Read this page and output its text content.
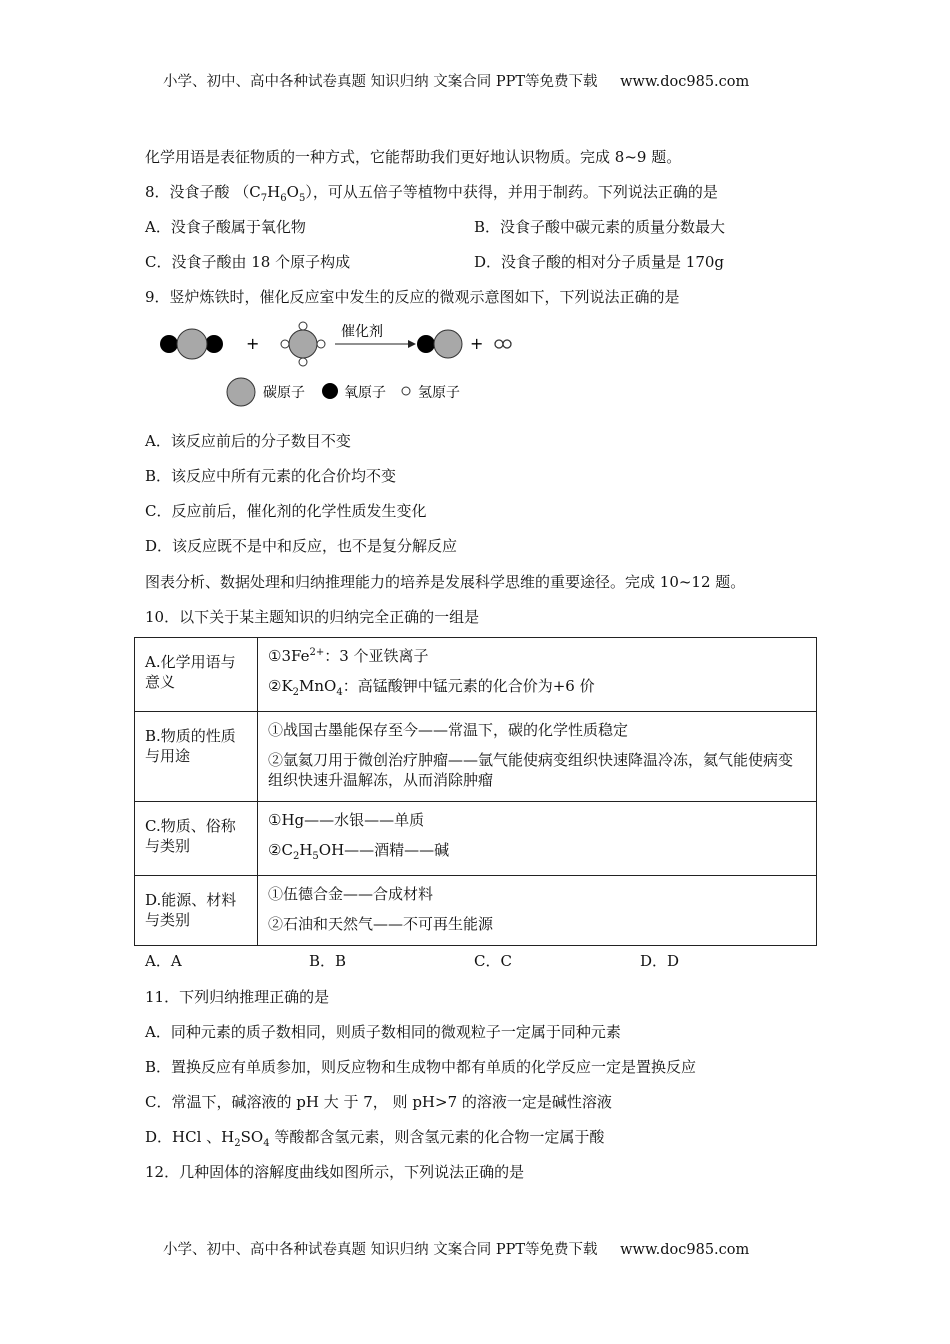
小学、初中、高中各种试卷真题 知识归纳 文案合同 PPT等免费下载 www.doc985.com
化学用语是表征物质的一种方式，它能帮助我们更好地认识物质。完成 8~9 题。
8．没食子酸 $(C_7H_6O_5)$，可从五倍子等植物中获得，并用于制药。下列说法正确的是
A．没食子酸属于氧化物	B．没食子酸中碳元素的质量分数最大
C．没食子酸由 18 个原子构成	D．没食子酸的相对分子质量是 170g
9．竖炉炼铁时，催化反应室中发生的反应的微观示意图如下，下列说法正确的是
+
催化剂
+
碳原子	氧原子 氢原子
A．该反应前后的分子数目不变
B．该反应中所有元素的化合价均不变
C．反应前后，催化剂的化学性质发生变化
D．该反应既不是中和反应，也不是复分解反应
图表分析、数据处理和归纳推理能力的培养是发展科学思维的重要途径。完成 10~12 题。
10．以下关于某主题知识的归纳完全正确的一组是
A.化学用语与意义	$①3Fe^{2+}$：3 个亚铁离子
$②K_2MnO_4$：高锰酸钾中锰元素的化合价为+6 价

B.物质的性质与用途	①战国古墨能保存至今——常温下，碳的化学性质稳定
②氩氦刀用于微创治疗肿瘤——氩气能使病变组织快速降温冷冻，氦气能使病变组织快速升温解冻，从而消除肿瘤

C.物质、俗称与类别	①Hg——水银——单质
$②C_2H_5OH——$酒精——碱

D.能源、材料与类别	①伍德合金——合成材料
②石油和天然气——不可再生能源
A．A	B．B	C．C	D．D
11．下列归纳推理正确的是
A．同种元素的质子数相同，则质子数相同的微观粒子一定属于同种元素
B．置换反应有单质参加，则反应物和生成物中都有单质的化学反应一定是置换反应
C．常温下，碱溶液的 pH 大 于 7， 则 pH>7 的溶液一定是碱性溶液
D．HCl 、$H_2SO_4$ 等酸都含氢元素，则含氢元素的化合物一定属于酸
12．几种固体的溶解度曲线如图所示，下列说法正确的是
小学、初中、高中各种试卷真题 知识归纳 文案合同 PPT等免费下载 www.doc985.com
